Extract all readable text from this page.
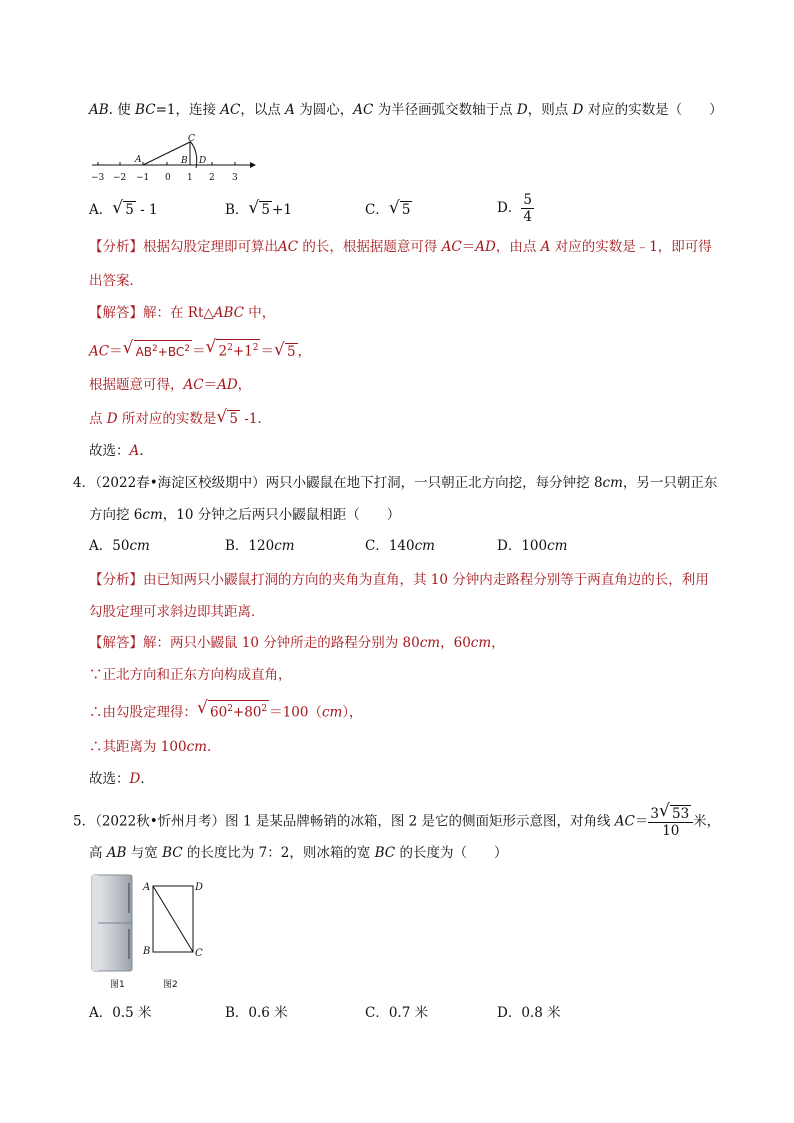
AB. 使 BC=1，连接 AC，以点 A 为圆心，AC 为半径画弧交数轴于点 D，则点 D 对应的实数是（　　）
−3 −2 −1 0 1 2 3
A	B
C
D
A． √ 5 - 1	B． √ 5 +1	C． √ 5	D． $\frac{5}{4}$
【分析】根据勾股定理即可算出AC 的长，根据据题意可得 AC＝AD，由点 A 对应的实数是﹣1，即可得
出答案．
【解答】解：在 Rt△ABC 中，
AC＝ √ $AB^2+BC^2$ ＝ √ $2^2+1^2$ ＝ √ 5 ，
根据题意可得，AC＝AD，
点 D 所对应的实数是 √ 5 -1．
故选：A．
4．（2022春•海淀区校级期中）两只小鼹鼠在地下打洞，一只朝正北方向挖，每分钟挖 8cm，另一只朝正东
方向挖 6cm，10 分钟之后两只小鼹鼠相距（　　）
A．50cm	B．120cm	C．140cm	D．100cm
【分析】由已知两只小鼹鼠打洞的方向的夹角为直角，其 10 分钟内走路程分别等于两直角边的长，利用
勾股定理可求斜边即其距离．
【解答】解：两只小鼹鼠 10 分钟所走的路程分别为 80cm，60cm，
∵正北方向和正东方向构成直角，
∴由勾股定理得： √ $60^2+80^2 =100(cm)$，
∴其距离为 100cm．
故选：D．
5．（2022秋•忻州月考）图 1 是某品牌畅销的冰箱，图 2 是它的侧面矩形示意图，对角线 $AC= \frac{3 √ 53}{10}$ 米，
高 AB 与宽 BC 的长度比为 7：2，则冰箱的宽 BC 的长度为（　　）
A	D
B	C
图1	图2
A．0.5 米	B．0.6 米	C．0.7 米	D．0.8 米
